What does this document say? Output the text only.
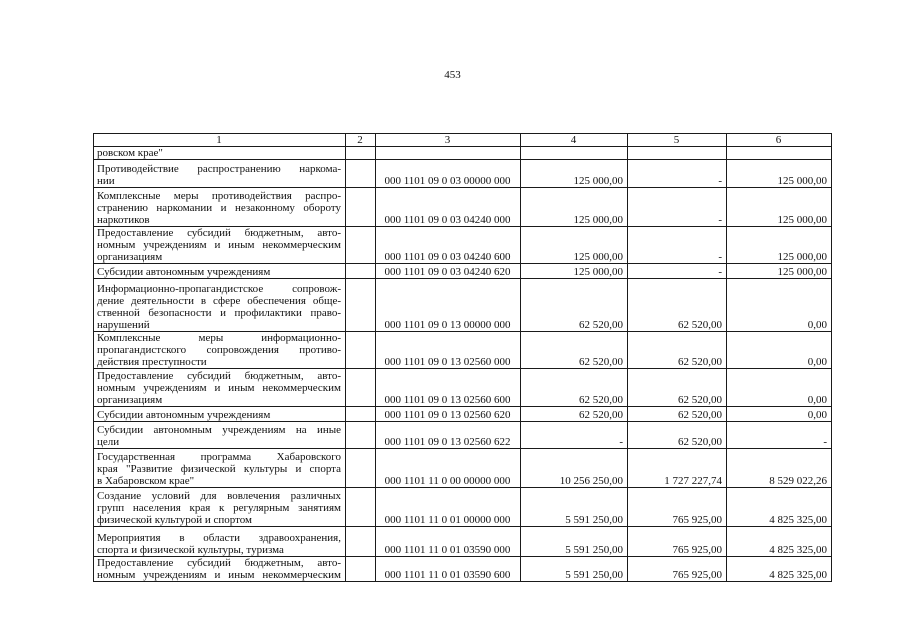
453
1	2	3	4	5	6

ровском крае"					

Противодействие распространению наркома-
нии		000 1101 09 0 03 00000 000	125 000,00	-	125 000,00

Комплексные меры противодействия распро-
странению наркомании и незаконному обороту
наркотиков		000 1101 09 0 03 04240 000	125 000,00	-	125 000,00

Предоставление субсидий бюджетным, авто-
номным учреждениям и иным некоммерческим
организациям		000 1101 09 0 03 04240 600	125 000,00	-	125 000,00

Субсидии автономным учреждениям		000 1101 09 0 03 04240 620	125 000,00	-	125 000,00

Информационно-пропагандистское сопровож-
дение деятельности в сфере обеспечения обще-
ственной безопасности и профилактики право-
нарушений		000 1101 09 0 13 00000 000	62 520,00	62 520,00	0,00

Комплексные меры информационно-
пропагандистского сопровождения противо-
действия преступности		000 1101 09 0 13 02560 000	62 520,00	62 520,00	0,00

Предоставление субсидий бюджетным, авто-
номным учреждениям и иным некоммерческим
организациям		000 1101 09 0 13 02560 600	62 520,00	62 520,00	0,00

Субсидии автономным учреждениям		000 1101 09 0 13 02560 620	62 520,00	62 520,00	0,00

Субсидии автономным учреждениям на иные
цели		000 1101 09 0 13 02560 622	-	62 520,00	-

Государственная программа Хабаровского
края "Развитие физической культуры и спорта
в Хабаровском крае"		000 1101 11 0 00 00000 000	10 256 250,00	1 727 227,74	8 529 022,26

Создание условий для вовлечения различных
групп населения края к регулярным занятиям
физической культурой и спортом		000 1101 11 0 01 00000 000	5 591 250,00	765 925,00	4 825 325,00

Мероприятия в области здравоохранения,
спорта и физической культуры, туризма		000 1101 11 0 01 03590 000	5 591 250,00	765 925,00	4 825 325,00

Предоставление субсидий бюджетным, авто-
номным учреждениям и иным некоммерческим		000 1101 11 0 01 03590 600	5 591 250,00	765 925,00	4 825 325,00
